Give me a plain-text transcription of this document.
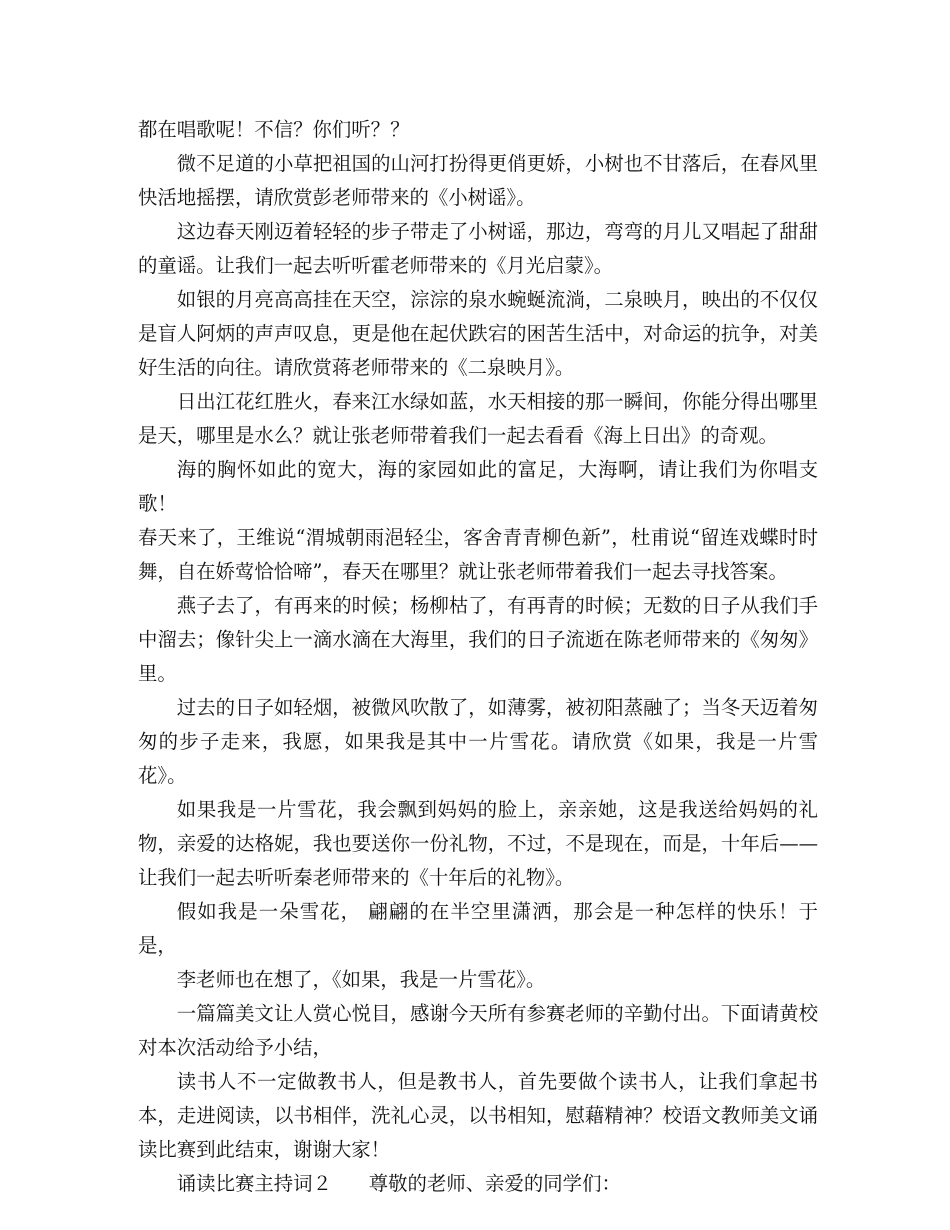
都在唱歌呢！不信？你们听？？

微不足道的小草把祖国的山河打扮得更俏更娇，小树也不甘落后，在春风里快活地摇摆，请欣赏彭老师带来的《小树谣》。

这边春天刚迈着轻轻的步子带走了小树谣，那边，弯弯的月儿又唱起了甜甜的童谣。让我们一起去听听霍老师带来的《月光启蒙》。

如银的月亮高高挂在天空，淙淙的泉水蜿蜒流淌，二泉映月，映出的不仅仅是盲人阿炳的声声叹息，更是他在起伏跌宕的困苦生活中，对命运的抗争，对美好生活的向往。请欣赏蒋老师带来的《二泉映月》。

日出江花红胜火，春来江水绿如蓝，水天相接的那一瞬间，你能分得出哪里是天，哪里是水么？就让张老师带着我们一起去看看《海上日出》的奇观。

海的胸怀如此的宽大，海的家园如此的富足，大海啊，请让我们为你唱支歌！

春天来了，王维说“渭城朝雨浥轻尘，客舍青青柳色新”，杜甫说“留连戏蝶时时舞，自在娇莺恰恰啼”，春天在哪里？就让张老师带着我们一起去寻找答案。

燕子去了，有再来的时候；杨柳枯了，有再青的时候；无数的日子从我们手中溜去；像针尖上一滴水滴在大海里，我们的日子流逝在陈老师带来的《匆匆》里。

过去的日子如轻烟，被微风吹散了，如薄雾，被初阳蒸融了；当冬天迈着匆匆的步子走来，我愿，如果我是其中一片雪花。请欣赏《如果，我是一片雪花》。

如果我是一片雪花，我会飘到妈妈的脸上，亲亲她，这是我送给妈妈的礼物，亲爱的达格妮，我也要送你一份礼物，不过，不是现在，而是，十年后——让我们一起去听听秦老师带来的《十年后的礼物》。

假如我是一朵雪花， 翩翩的在半空里潇洒，那会是一种怎样的快乐！于是，

李老师也在想了，《如果，我是一片雪花》。

一篇篇美文让人赏心悦目，感谢今天所有参赛老师的辛勤付出。下面请黄校对本次活动给予小结，

读书人不一定做教书人，但是教书人，首先要做个读书人，让我们拿起书本，走进阅读，以书相伴，洗礼心灵，以书相知，慰藉精神？校语文教师美文诵读比赛到此结束，谢谢大家！

诵读比赛主持词２ 尊敬的老师、亲爱的同学们：
